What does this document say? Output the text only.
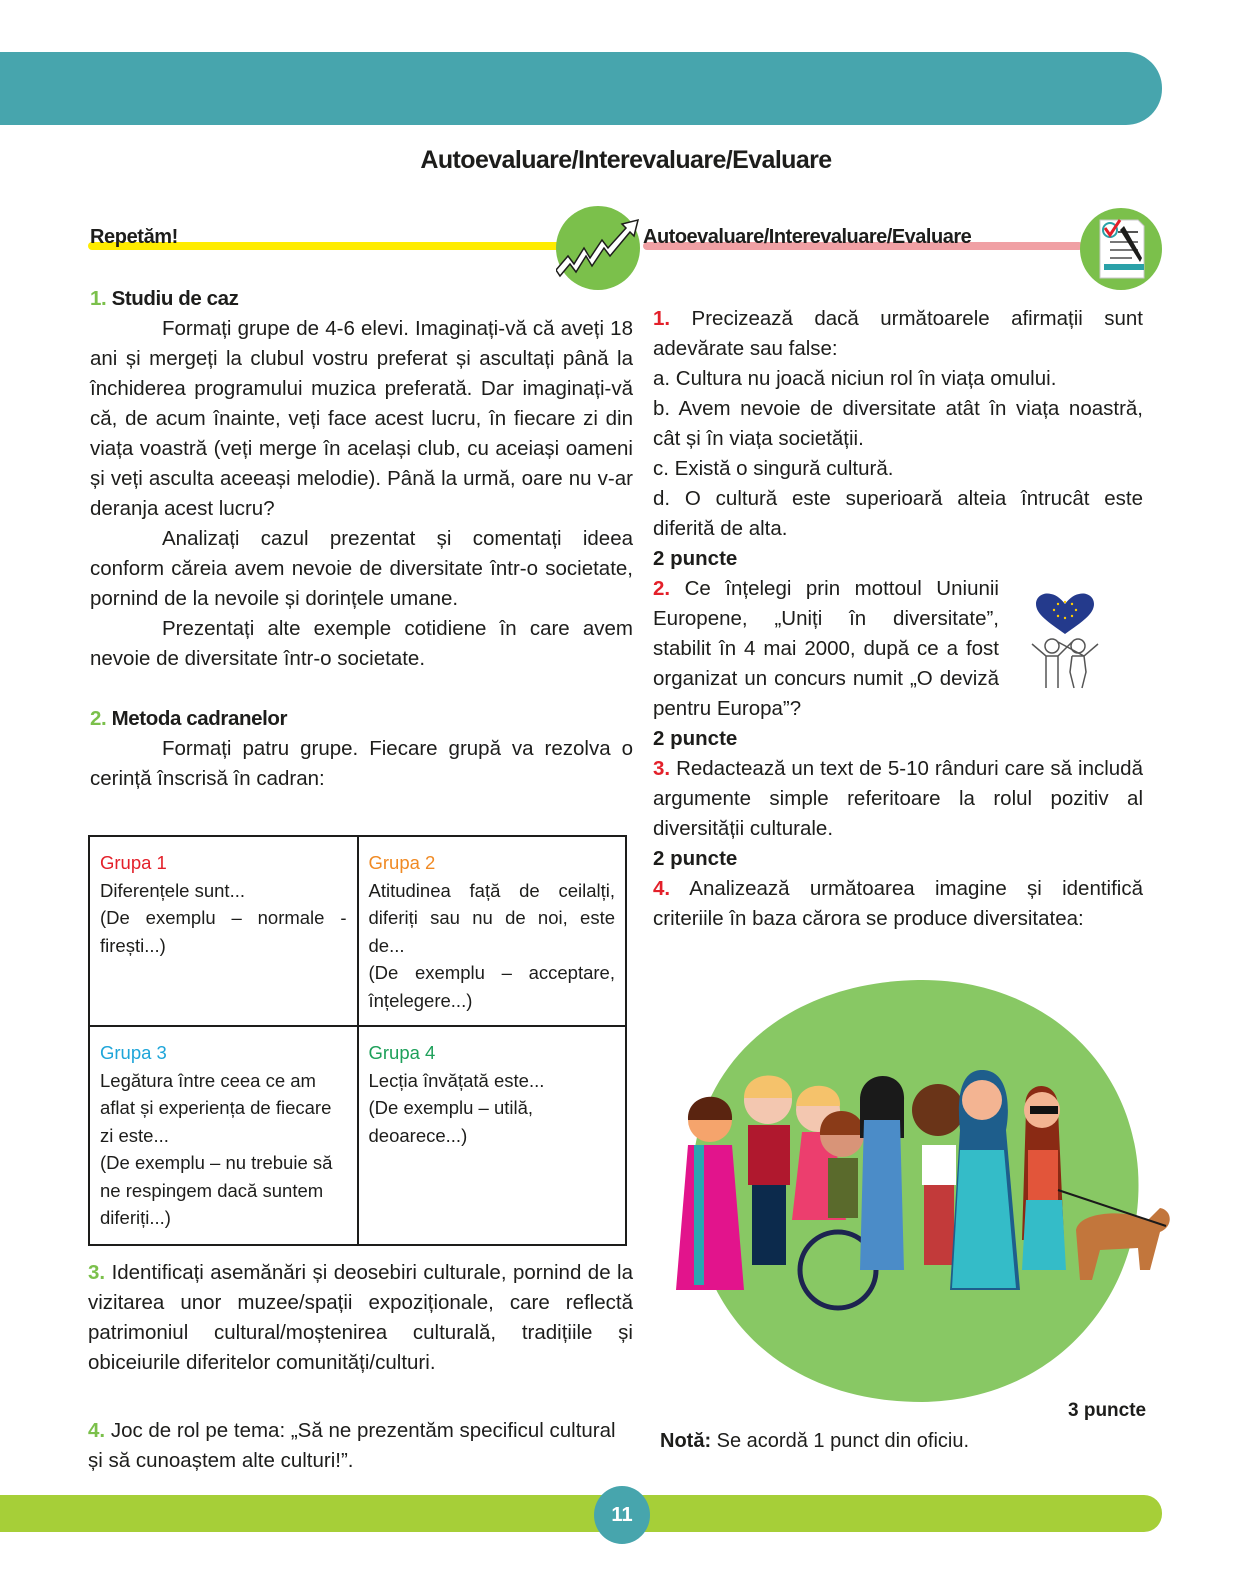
Autoevaluare/Interevaluare/Evaluare
Repetăm!	Autoevaluare/Interevaluare/Evaluare
1. Studiu de caz

Formați grupe de 4-6 elevi. Imaginați-vă că aveți 18 ani și mergeți la clubul vostru preferat și ascultați până la închiderea programului muzica preferată. Dar imaginați-vă că, de acum înainte, veți face acest lucru, în fiecare zi din viața voastră (veți merge în același club, cu aceiași oameni și veți asculta aceeași melodie). Până la urmă, oare nu v-ar deranja acest lucru?

Analizați cazul prezentat și comentați ideea conform căreia avem nevoie de diversitate într-o societate, pornind de la nevoile și dorințele umane.

Prezentați alte exemple cotidiene în care avem nevoie de diversitate într-o societate.

2. Metoda cadranelor

Formați patru grupe. Fiecare grupă va rezolva o cerință înscrisă în cadran:

Grupa 1
Diferențele sunt...
(De exemplu – normale - firești...)

Grupa 2
Atitudinea față de ceilalți, diferiți sau nu de noi, este de...
(De exemplu – acceptare, înțelegere...)

Grupa 3
Legătura între ceea ce am aflat și experiența de fiecare zi este...
(De exemplu – nu trebuie să ne respingem dacă suntem diferiți...)

Grupa 4
Lecția învățată este...
(De exemplu – utilă, deoarece...)
3. Identificați asemănări și deosebiri culturale, pornind de la vizitarea unor muzee/spații expoziționale, care reflectă patrimoniul cultural/moștenirea culturală, tradițiile și obiceiurile diferitelor comunități/culturi.
4. Joc de rol pe tema: „Să ne prezentăm specificul cultural și să cunoaștem alte culturi!”.

1. Precizează dacă următoarele afirmații sunt adevărate sau false:

a. Cultura nu joacă niciun rol în viața omului.

b. Avem nevoie de diversitate atât în viața noastră, cât și în viața societății.

c. Există o singură cultură.

d. O cultură este superioară alteia întrucât este diferită de alta.

2 puncte

2. Ce înțelegi prin mottoul Uniunii Europene, „Uniți în diversitate”, stabilit în 4 mai 2000, după ce a fost organizat un concurs numit „O deviză pentru Europa”?

2 puncte

3. Redactează un text de 5-10 rânduri care să includă argumente simple referitoare la rolul pozitiv al diversității culturale.

2 puncte

4. Analizează următoarea imagine și identifică criteriile în baza cărora se produce diversitatea:

3 puncte
Notă: Se acordă 1 punct din oficiu.
11
